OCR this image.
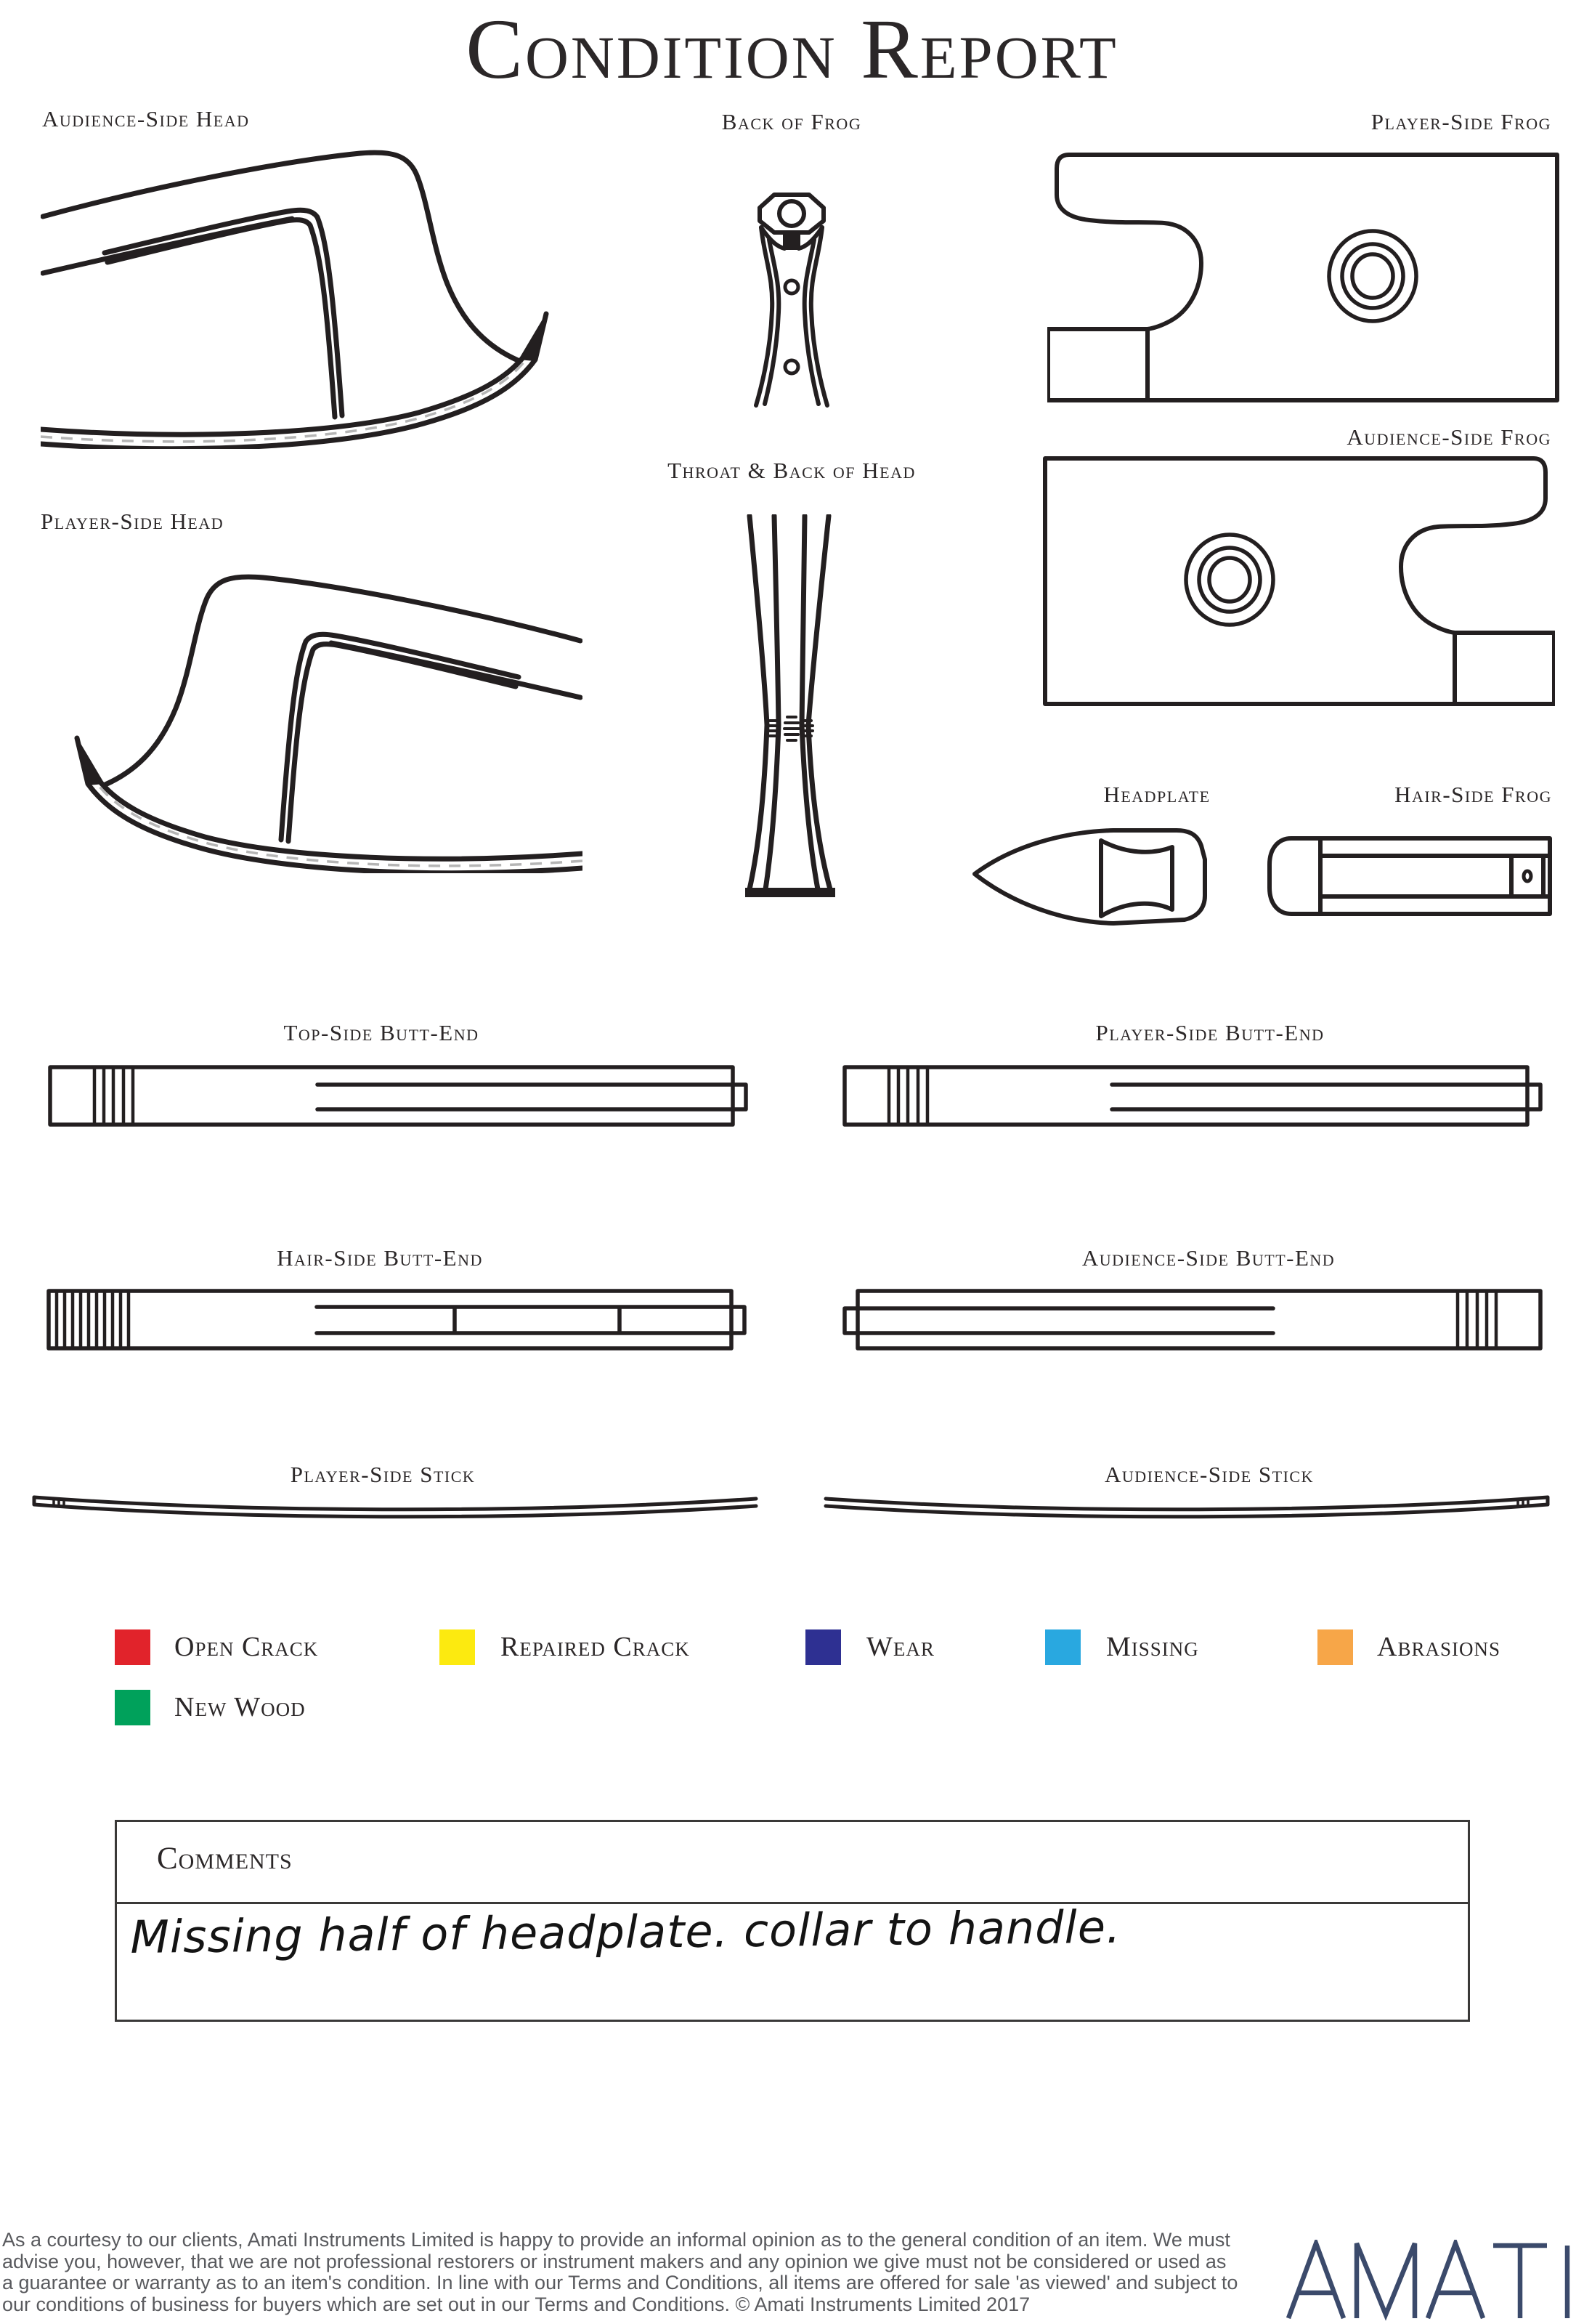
Condition Report
Audience-Side Head	Back of Frog	Player-Side Frog
Audience-Side Frog
Player-Side Head
Throat & Back of Head
Headplate	Hair-Side Frog
Top-Side Butt-End	Player-Side Butt-End
Hair-Side Butt-End	Audience-Side Butt-End
Player-Side Stick	Audience-Side Stick
Open Crack	Repaired Crack	Wear	Missing	Abrasions
New Wood
Comments
Missing half of headplate. collar to handle.
As a courtesy to our clients, Amati Instruments Limited is happy to provide an informal opinion as to the general condition of an item. We must
advise you, however, that we are not professional restorers or instrument makers and any opinion we give must not be considered or used as
a guarantee or warranty as to an item's condition. In line with our Terms and Conditions, all items are offered for sale 'as viewed' and subject to
our conditions of business for buyers which are set out in our Terms and Conditions. © Amati Instruments Limited 2017
